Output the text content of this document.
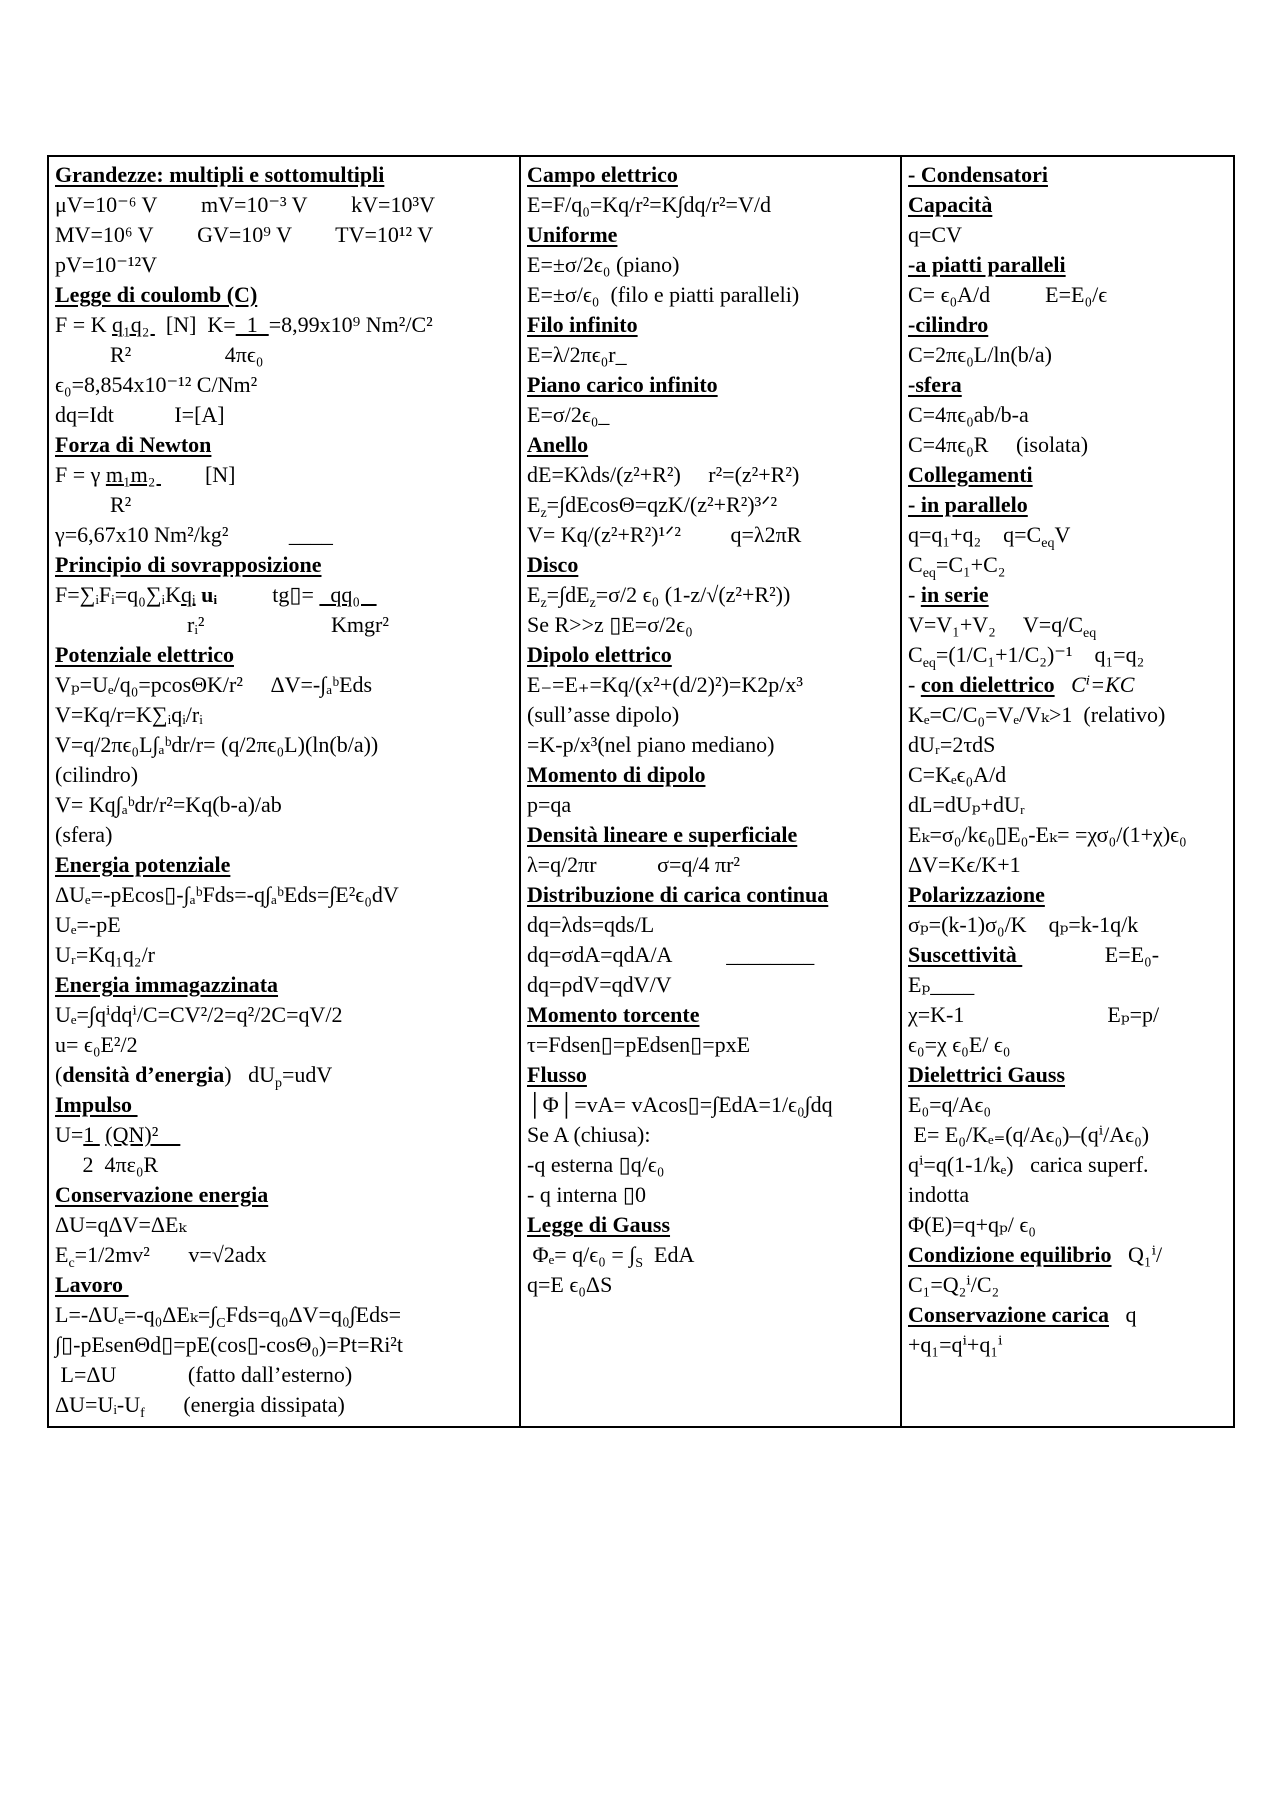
Grandezze: multipli e sottomultipli
μV=10⁻⁶ V        mV=10⁻³ V        kV=10³V
MV=10⁶ V        GV=10⁹ V        TV=10¹² V
pV=10⁻¹²V
Legge di coulomb (C)
F = K q₁q₂   [N]  K=  1  =8,99x10⁹ Nm²/C²
R²                 4πϵ₀
ϵ₀=8,854x10⁻¹² C/Nm²
dq=Idt           I=[A]
Forza di Newton
F = γ m₁m₂         [N]
R²
γ=6,67x10 Nm²/kg²           ____
Principio di sovrapposizione
F=∑ᵢFᵢ=q₀∑ᵢKqᵢ uᵢ          tg▯=   qq₀
rᵢ²                       Kmgr²
Potenziale elettrico
Vₚ=Uₑ/q₀=pcosΘK/r²     ΔV=-∫ₐᵇEds
V=Kq/r=K∑ᵢqᵢ/rᵢ
V=q/2πϵ₀L∫ₐᵇdr/r= (q/2πϵ₀L)(ln(b/a))
(cilindro)
V= Kq∫ₐᵇdr/r²=Kq(b-a)/ab
(sfera)
Energia potenziale
ΔUₑ=-pEcos▯-∫ₐᵇFds=-q∫ₐᵇEds=∫E²ϵ₀dV
Uₑ=-pE
Uᵣ=Kq₁q₂/r
Energia immagazzinata
Uₑ=∫qⁱdqⁱ/C=CV²/2=q²/2C=qV/2
u= ϵ₀E²/2
(densità d’energia)   $dU_p=udV$
Impulso
U=1  (QN)²
2  4πε₀R
Conservazione energia
ΔU=qΔV=ΔEₖ
$E_c=1/2mv^2$       v=√2adx
Lavoro
$L=-\Delta U_e=-q_0\Delta E_k=\int_CFds=q_0\Delta V=q_0\int Eds=$
∫▯-pEsenΘd▯=pE(cos▯-cosΘ₀)=Pt=Ri²t
L=ΔU             (fatto dall’esterno)
$\Delta U=Uᵢ-U_f$       (energia dissipata)
Campo elettrico
E=F/q₀=Kq/r²=K∫dq/r²=V/d
Uniforme
E=±σ/2ϵ₀ (piano)
E=±σ/ϵ₀  (filo e piatti paralleli)
Filo infinito
E=λ/2πϵ₀r_
Piano carico infinito
E=σ/2ϵ₀_
Anello
dE=Kλds/(z²+R²)     r²=(z²+R²)
$E_z=\int dEcos\Theta=qzK/(z^2+R^2)^3ᐟ^2$
V= Kq/(z²+R²)¹ᐟ²         q=λ2πR
Disco
$E_z=\int dE_z=\sigma/2$ ϵ₀ (1-z/√(z²+R²))
Se R>>z ▯E=σ/2ϵ₀
Dipolo elettrico
E₋=E₊=Kq/(x²+(d/2)²)=K2p/x³
(sull’asse dipolo)
=K-p/x³(nel piano mediano)
Momento di dipolo
p=qa
Densità lineare e superficiale
λ=q/2πr           σ=q/4 πr²
Distribuzione di carica continua
dq=λds=qds/L
dq=σdA=qdA/A          ________
dq=ρdV=qdV/V
Momento torcente
τ=Fdsen▯=pEdsen▯=pxE
Flusso
│Φ│=vA= vAcos▯=∫EdA=1/ϵ₀∫dq
Se A (chiusa):
-q esterna ▯q/ϵ₀
- q interna ▯0
Legge di Gauss
$\Phi_e= q/\epsilon_0 = \int_S$  EdA
q=E ϵ₀ΔS
- Condensatori
Capacità
q=CV
-a piatti paralleli
C= ϵ₀A/d          E=E₀/ϵ
-cilindro
C=2πϵ₀L/ln(b/a)
-sfera
C=4πϵ₀ab/b-a
C=4πϵ₀R     (isolata)
Collegamenti
- in parallelo
q=q₁+q₂    $q=C_{eq}V$
$C_{eq}=C_1+C_2$
- in serie
V=V₁+V₂     $V=q/C_{eq}$
$C_{eq}=(1/C_1+1/C_2)^{-1}$    q₁=q₂
- con dielettrico Cⁱ=KC
Kₑ=C/C₀=Vₑ/Vₖ>1  (relativo)
dUᵣ=2τdS
C=Kₑϵ₀A/d
dL=dUₚ+dUᵣ
Eₖ=σ₀/kϵ₀▯E₀-Eₖ= =χσ₀/(1+χ)ϵ₀
ΔV=Kϵ/K+1
Polarizzazione
σₚ=(k-1)σ₀/K    qₚ=k-1q/k
Suscettività                E=E₀-
Eₚ____
χ=K-1                          Eₚ=p/
ϵ₀=χ ϵ₀E/ ϵ₀
Dielettrici Gauss
E₀=q/Aϵ₀
E= E₀/Kₑ₌(q/Aϵ₀)–(qⁱ/Aϵ₀)
qⁱ=q(1-1/kₑ)   carica superf.
indotta
Φ(E)=q+qₚ/ ϵ₀
Condizione equilibrio   Q₁ⁱ/
C₁=Q₂ⁱ/C₂
Conservazione carica   q
+q₁=qⁱ+q₁ⁱ
